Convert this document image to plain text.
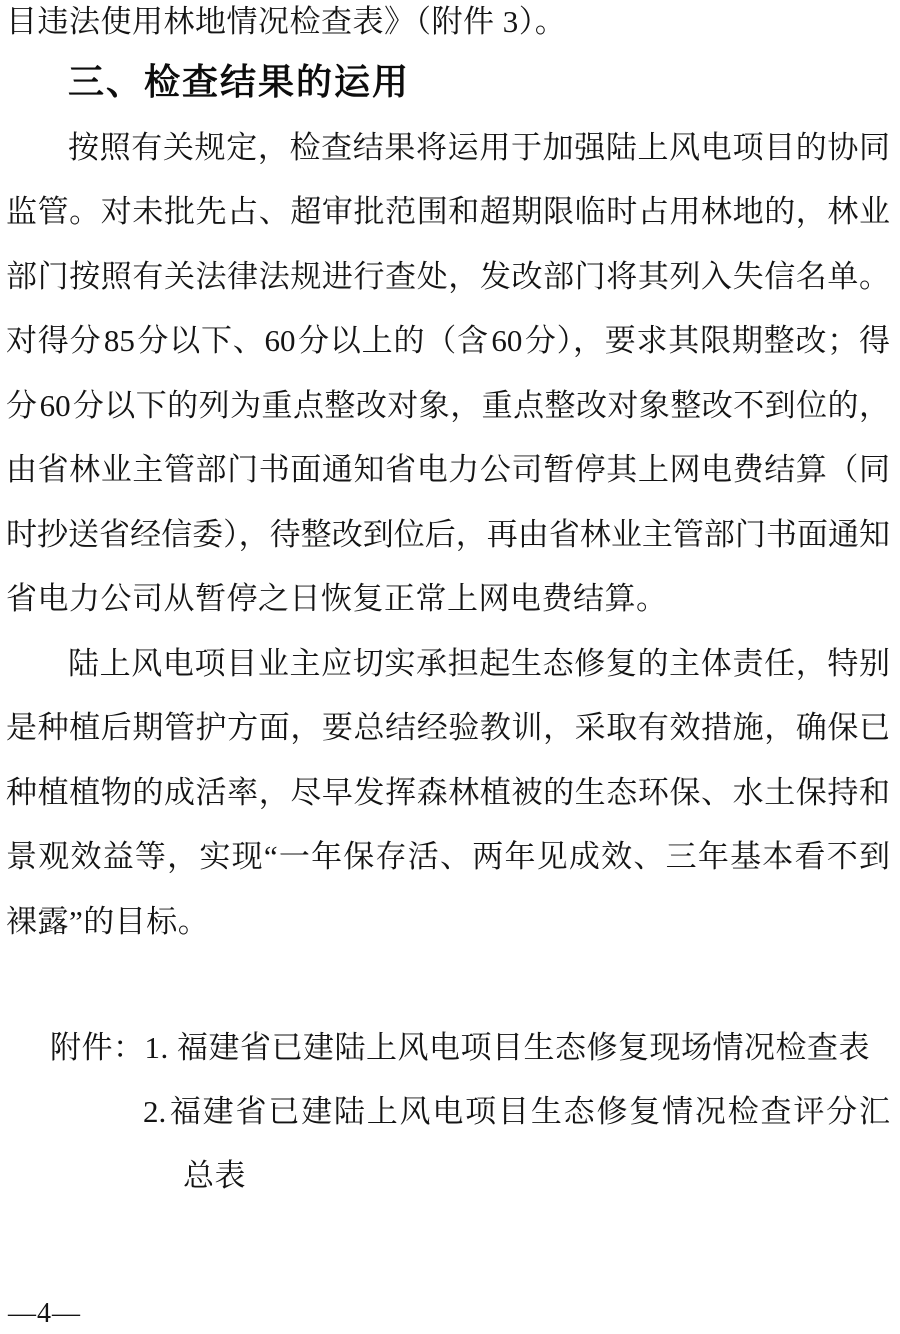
目违法使用林地情况检查表》（附件 3）。
三、检查结果的运用
按照有关规定，检查结果将运用于加强陆上风电项目的协同
监管。对未批先占、超审批范围和超期限临时占用林地的，林业
部门按照有关法律法规进行查处，发改部门将其列入失信名单。
对得分 85 分以下、60 分以上的（含 60 分），要求其限期整改；得
分 60 分以下的列为重点整改对象，重点整改对象整改不到位的，
由省林业主管部门书面通知省电力公司暂停其上网电费结算（同
时抄送省经信委），待整改到位后，再由省林业主管部门书面通知
省电力公司从暂停之日恢复正常上网电费结算。
陆上风电项目业主应切实承担起生态修复的主体责任，特别
是种植后期管护方面，要总结经验教训，采取有效措施，确保已
种植植物的成活率，尽早发挥森林植被的生态环保、水土保持和
景观效益等，实现“一年保存活、两年见成效、三年基本看不到
裸露”的目标。
附件：1. 福建省已建陆上风电项目生态修复现场情况检查表
2. 福建省已建陆上风电项目生态修复情况检查评分汇
总表
—4—
